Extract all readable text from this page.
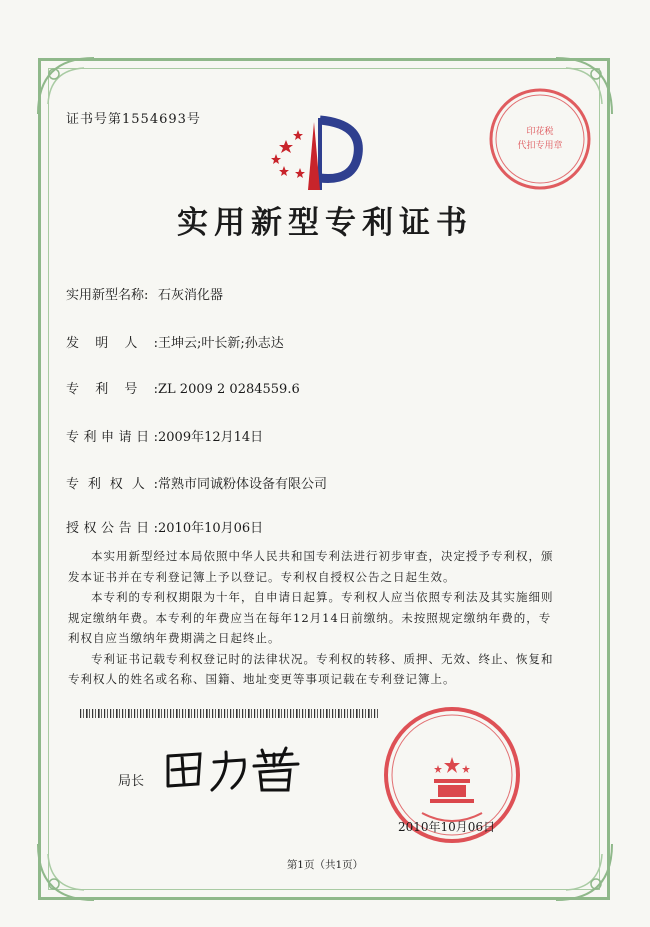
证书号第1554693号
印花税
代扣专用章
实用新型专利证书
实用新型名称: 石灰消化器
发明人:王坤云;叶长新;孙志达
专利号:ZL 2009 2 0284559.6
专利申请日:2009年12月14日
专利权人:常熟市同诚粉体设备有限公司
授权公告日:2010年10月06日

本实用新型经过本局依照中华人民共和国专利法进行初步审查，决定授予专利权，颁发本证书并在专利登记簿上予以登记。专利权自授权公告之日起生效。

本专利的专利权期限为十年，自申请日起算。专利权人应当依照专利法及其实施细则规定缴纳年费。本专利的年费应当在每年12月14日前缴纳。未按照规定缴纳年费的，专利权自应当缴纳年费期满之日起终止。

专利证书记载专利权登记时的法律状况。专利权的转移、质押、无效、终止、恢复和专利权人的姓名或名称、国籍、地址变更等事项记载在专利登记簿上。

局长
2010年10月06日
第1页（共1页）
